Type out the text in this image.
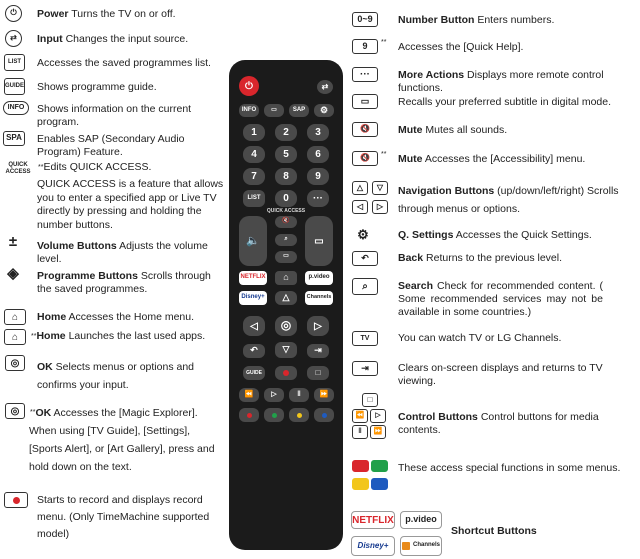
⏻	Power Turns the TV on or off.
⇄	Input Changes the input source.
LIST	Accesses the saved programmes list.
GUIDE Shows programme guide.
INFO	Shows information on the current program.
SPA Enables SAP (Secondary Audio Program) Feature.
QUICK ACCESS
**Edits QUICK ACCESS.
QUICK ACCESS is a feature that allows you to enter a specified app or Live TV directly by pressing and holding the number buttons.
±	Volume Buttons Adjusts the volume level.
◈	Programme Buttons Scrolls through the saved programmes.
⌂	Home Accesses the Home menu.
⌂	**Home Launches the last used apps.
◎	OK Selects menus or options and confirms your input.
◎	**OK Accesses the [Magic Explorer]. When using [TV Guide], [Settings], [Sports Alert], or [Art Gallery], press and hold down on the text.
Starts to record and displays record menu. (Only TimeMachine supported model)
⏻	⇄
INFO	▭	SAP	⚙
1	2	3
4	5	6
7	8	9
LIST	0	···
QUICK ACCESS
🔈
🔇
⌕
▭
▭
NETFLIX	⌂	p.video
Disney+	△	Channels
◁	◎	▷
↶	▽	⇥
GUIDE	□
⏪	▷	‖	⏩
0~9	Number Button Enters numbers.
9 ** Accesses the [Quick Help].
···	More Actions Displays more remote control functions.
▭	Recalls your preferred subtitle in digital mode.
🔇	Mute Mutes all sounds.
🔇	** Mute Accesses the [Accessibility] menu.
△	▽
◁	▷
Navigation Buttons (up/down/left/right) Scrolls through menus or options.
⚙	Q. Settings Accesses the Quick Settings.
↶	Back Returns to the previous level.
⌕	Search Check for recommended content. ( Some recommended services may not be available in some countries.)
TV	You can watch TV or LG Channels.
⇥	Clears on-screen displays and returns to TV viewing.
□
⏪	▷
‖	⏩
Control Buttons Control buttons for media contents.
These access special functions in some menus.
NETFLIX	p.video
Disney+	Channels
Shortcut Buttons
